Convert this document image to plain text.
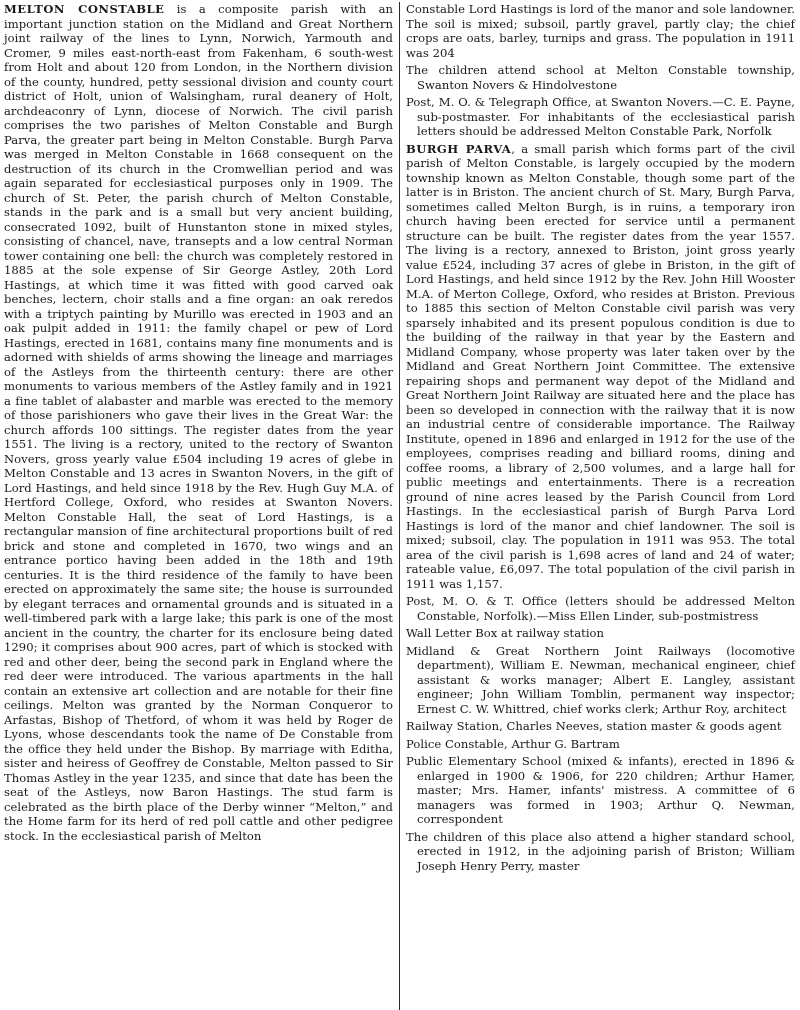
MELTON CONSTABLE is a composite parish with an important junction station on the Midland and Great Northern joint railway of the lines to Lynn, Norwich, Yarmouth and Cromer, 9 miles east-north-east from Fakenham, 6 south-west from Holt and about 120 from London, in the Northern division of the county, hundred, petty sessional division and county court district of Holt, union of Walsingham, rural deanery of Holt, archdeaconry of Lynn, diocese of Norwich. The civil parish comprises the two parishes of Melton Constable and Burgh Parva, the greater part being in Melton Constable. Burgh Parva was merged in Melton Constable in 1668 consequent on the destruction of its church in the Cromwellian period and was again separated for ecclesiastical purposes only in 1909. The church of St. Peter, the parish church of Melton Constable, stands in the park and is a small but very ancient building, consecrated 1092, built of Hunstanton stone in mixed styles, consisting of chancel, nave, transepts and a low central Norman tower containing one bell: the church was completely restored in 1885 at the sole expense of Sir George Astley, 20th Lord Hastings, at which time it was fitted with good carved oak benches, lectern, choir stalls and a fine organ: an oak reredos with a triptych painting by Murillo was erected in 1903 and an oak pulpit added in 1911: the family chapel or pew of Lord Hastings, erected in 1681, contains many fine monuments and is adorned with shields of arms showing the lineage and marriages of the Astleys from the thirteenth century: there are other monuments to various members of the Astley family and in 1921 a fine tablet of alabaster and marble was erected to the memory of those parishioners who gave their lives in the Great War: the church affords 100 sittings. The register dates from the year 1551. The living is a rectory, united to the rectory of Swanton Novers, gross yearly value £504 including 19 acres of glebe in Melton Constable and 13 acres in Swanton Novers, in the gift of Lord Hastings, and held since 1918 by the Rev. Hugh Guy M.A. of Hertford College, Oxford, who resides at Swanton Novers. Melton Constable Hall, the seat of Lord Hastings, is a rectangular mansion of fine architectural proportions built of red brick and stone and completed in 1670, two wings and an entrance portico having been added in the 18th and 19th centuries. It is the third residence of the family to have been erected on approximately the same site; the house is surrounded by elegant terraces and ornamental grounds and is situated in a well-timbered park with a large lake; this park is one of the most ancient in the country, the charter for its enclosure being dated 1290; it comprises about 900 acres, part of which is stocked with red and other deer, being the second park in England where the red deer were introduced. The various apartments in the hall contain an extensive art collection and are notable for their fine ceilings. Melton was granted by the Norman Conqueror to Arfastas, Bishop of Thetford, of whom it was held by Roger de Lyons, whose descendants took the name of De Constable from the office they held under the Bishop. By marriage with Editha, sister and heiress of Geoffrey de Constable, Melton passed to Sir Thomas Astley in the year 1235, and since that date has been the seat of the Astleys, now Baron Hastings. The stud farm is celebrated as the birth place of the Derby winner “Melton,” and the Home farm for its herd of red poll cattle and other pedigree stock. In the ecclesiastical parish of Melton

Constable Lord Hastings is lord of the manor and sole landowner. The soil is mixed; subsoil, partly gravel, partly clay; the chief crops are oats, barley, turnips and grass. The population in 1911 was 204

The children attend school at Melton Constable township, Swanton Novers & Hindolvestone

Post, M. O. & Telegraph Office, at Swanton Novers.—C. E. Payne, sub-postmaster. For inhabitants of the ecclesiastical parish letters should be addressed Melton Constable Park, Norfolk

BURGH PARVA, a small parish which forms part of the civil parish of Melton Constable, is largely occupied by the modern township known as Melton Constable, though some part of the latter is in Briston. The ancient church of St. Mary, Burgh Parva, sometimes called Melton Burgh, is in ruins, a temporary iron church having been erected for service until a permanent structure can be built. The register dates from the year 1557. The living is a rectory, annexed to Briston, joint gross yearly value £524, including 37 acres of glebe in Briston, in the gift of Lord Hastings, and held since 1912 by the Rev. John Hill Wooster M.A. of Merton College, Oxford, who resides at Briston. Previous to 1885 this section of Melton Constable civil parish was very sparsely inhabited and its present populous condition is due to the building of the railway in that year by the Eastern and Midland Company, whose property was later taken over by the Midland and Great Northern Joint Committee. The extensive repairing shops and permanent way depot of the Midland and Great Northern Joint Railway are situated here and the place has been so developed in connection with the railway that it is now an industrial centre of considerable importance. The Railway Institute, opened in 1896 and enlarged in 1912 for the use of the employees, comprises reading and billiard rooms, dining and coffee rooms, a library of 2,500 volumes, and a large hall for public meetings and entertainments. There is a recreation ground of nine acres leased by the Parish Council from Lord Hastings. In the ecclesiastical parish of Burgh Parva Lord Hastings is lord of the manor and chief landowner. The soil is mixed; subsoil, clay. The population in 1911 was 953. The total area of the civil parish is 1,698 acres of land and 24 of water; rateable value, £6,097. The total population of the civil parish in 1911 was 1,157.

Post, M. O. & T. Office (letters should be addressed Melton Constable, Norfolk).—Miss Ellen Linder, sub-postmistress

Wall Letter Box at railway station

Midland & Great Northern Joint Railways (locomotive department), William E. Newman, mechanical engineer, chief assistant & works manager; Albert E. Langley, assistant engineer; John William Tomblin, permanent way inspector; Ernest C. W. Whittred, chief works clerk; Arthur Roy, architect

Railway Station, Charles Neeves, station master & goods agent

Police Constable, Arthur G. Bartram

Public Elementary School (mixed & infants), erected in 1896 & enlarged in 1900 & 1906, for 220 children; Arthur Hamer, master; Mrs. Hamer, infants' mistress. A committee of 6 managers was formed in 1903; Arthur Q. Newman, correspondent

The children of this place also attend a higher standard school, erected in 1912, in the adjoining parish of Briston; William Joseph Henry Perry, master
